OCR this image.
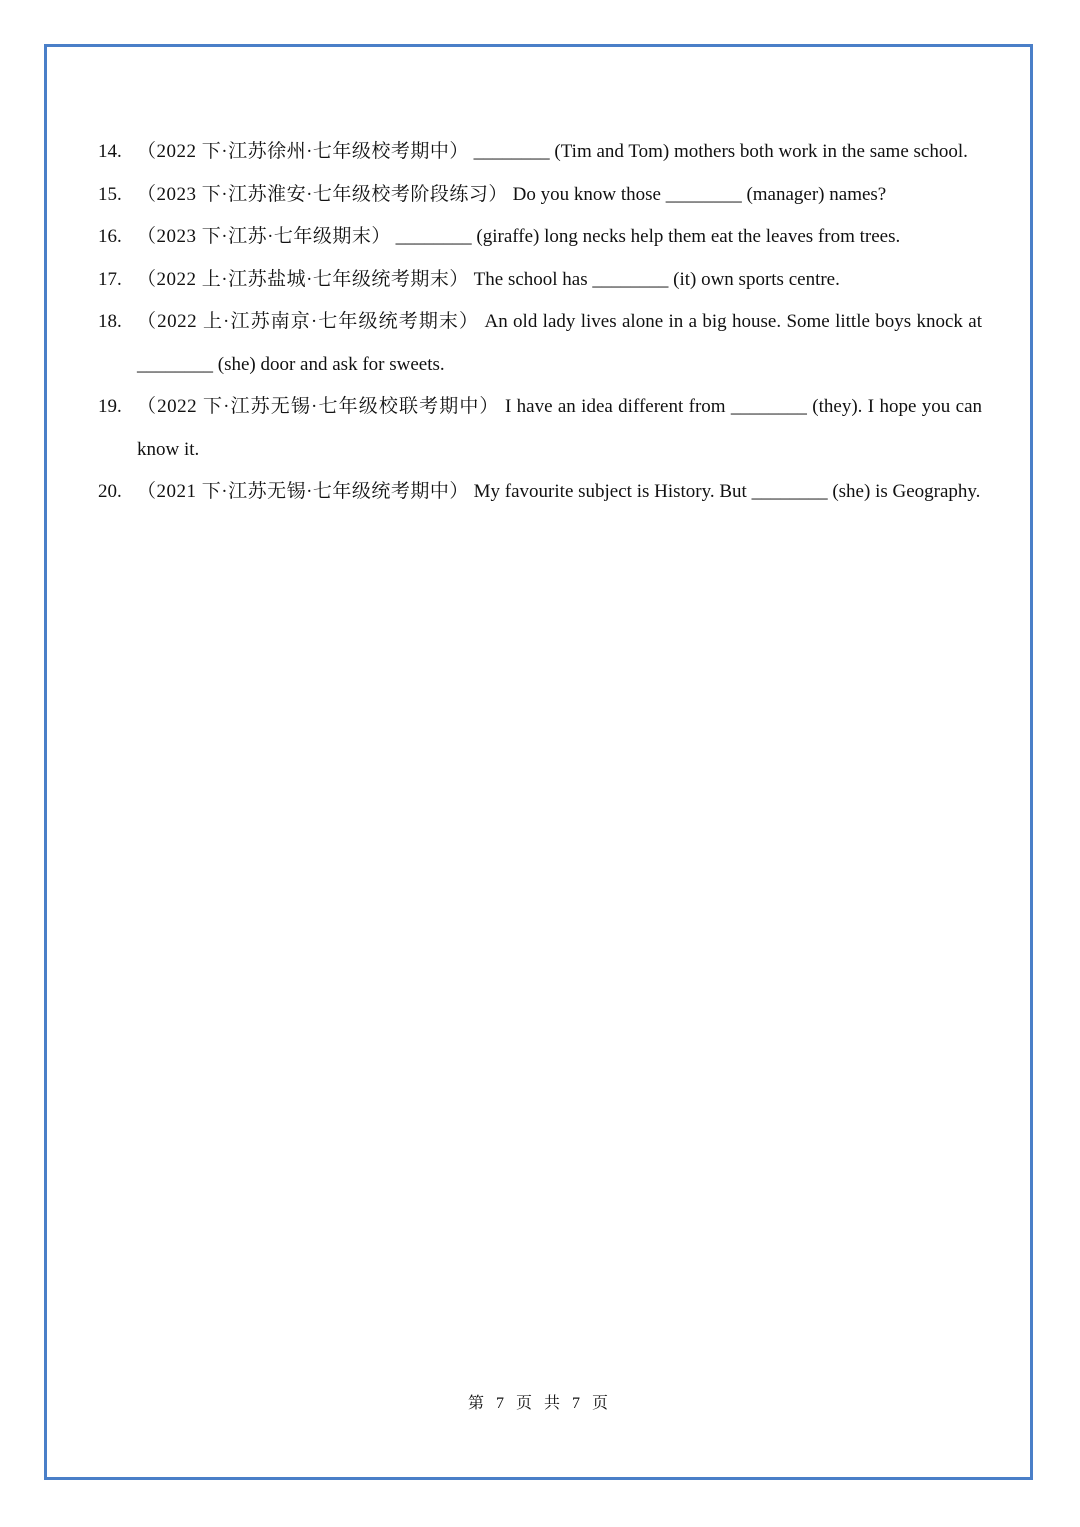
14. （2022 下·江苏徐州·七年级校考期中） ________ (Tim and Tom) mothers both work in the same school.
15. （2023 下·江苏淮安·七年级校考阶段练习） Do you know those ________ (manager) names?
16. （2023 下·江苏·七年级期末） ________ (giraffe) long necks help them eat the leaves from trees.
17. （2022 上·江苏盐城·七年级统考期末） The school has ________ (it) own sports centre.
18. （2022 上·江苏南京·七年级统考期末） An old lady lives alone in a big house. Some little boys knock at ________ (she) door and ask for sweets.
19. （2022 下·江苏无锡·七年级校联考期中） I have an idea different from ________ (they). I hope you can know it.
20. （2021 下·江苏无锡·七年级统考期中） My favourite subject is History. But ________ (she) is Geography.
第 7 页 共 7 页
